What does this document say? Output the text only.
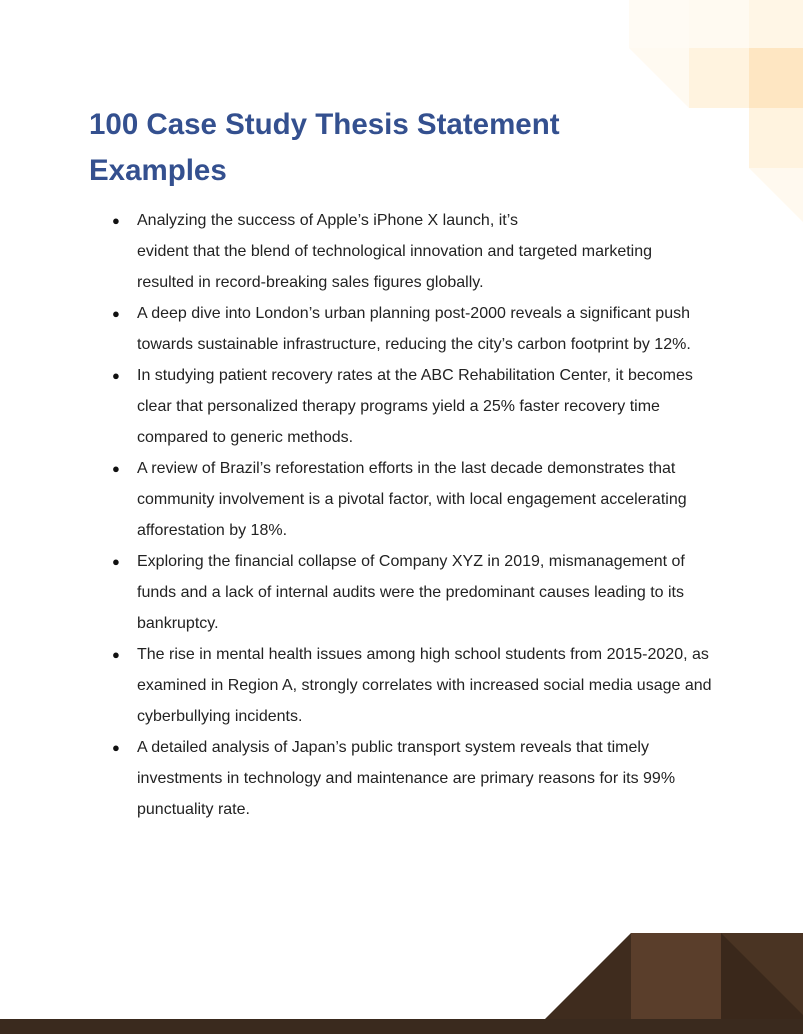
100 Case Study Thesis Statement
Examples
● Analyzing the success of Apple’s iPhone X launch, it’s
evident that the blend of technological innovation and targeted marketing
resulted in record-breaking sales figures globally.
● A deep dive into London’s urban planning post-2000 reveals a significant push
towards sustainable infrastructure, reducing the city’s carbon footprint by 12%.
● In studying patient recovery rates at the ABC Rehabilitation Center, it becomes
clear that personalized therapy programs yield a 25% faster recovery time
compared to generic methods.
● A review of Brazil’s reforestation efforts in the last decade demonstrates that
community involvement is a pivotal factor, with local engagement accelerating
afforestation by 18%.
● Exploring the financial collapse of Company XYZ in 2019, mismanagement of
funds and a lack of internal audits were the predominant causes leading to its
bankruptcy.
● The rise in mental health issues among high school students from 2015-2020, as
examined in Region A, strongly correlates with increased social media usage and
cyberbullying incidents.
● A detailed analysis of Japan’s public transport system reveals that timely
investments in technology and maintenance are primary reasons for its 99%
punctuality rate.
